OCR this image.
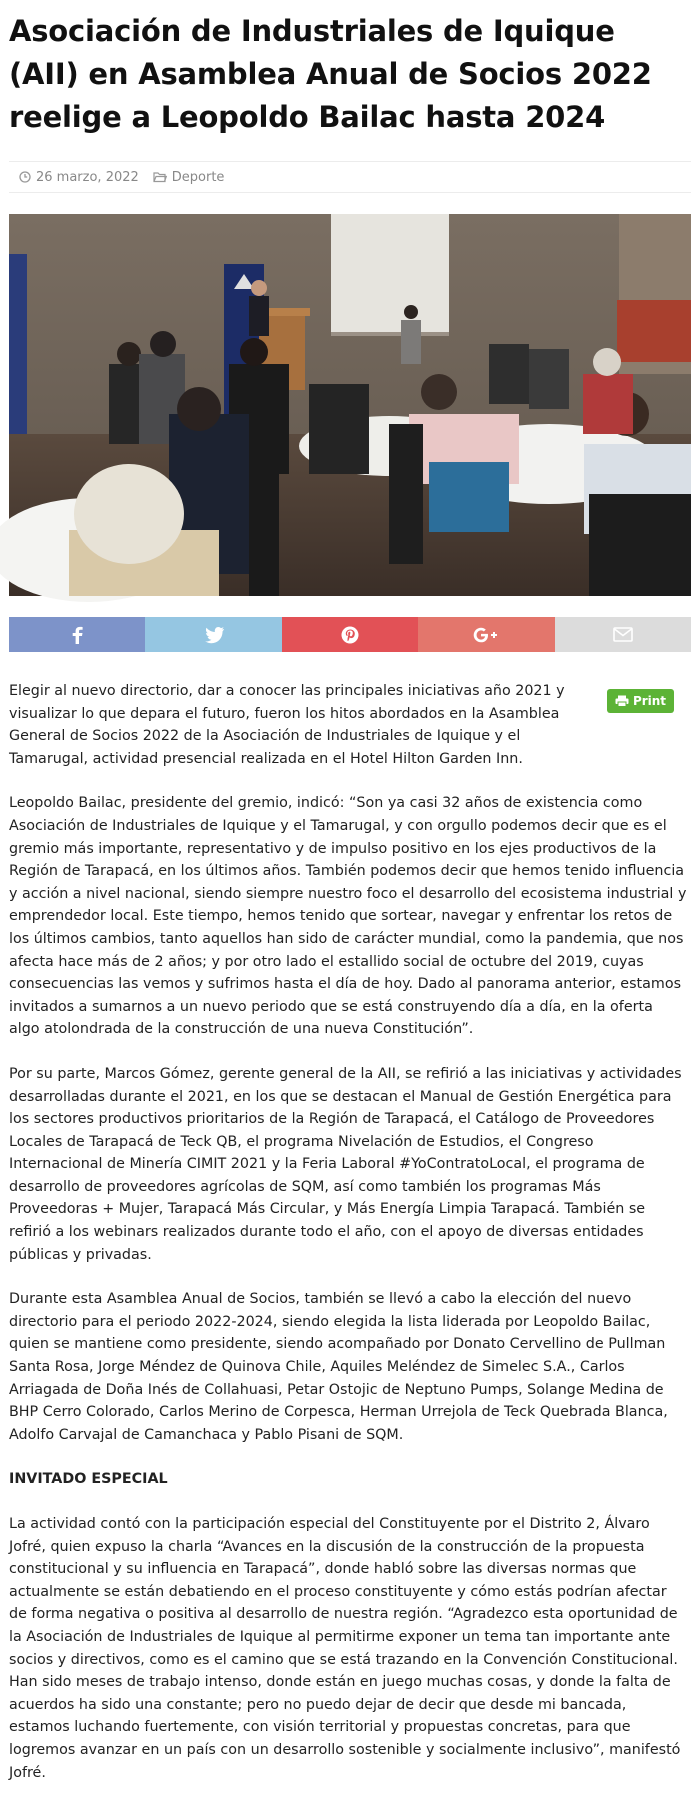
Asociación de Industriales de Iquique (AII) en Asamblea Anual de Socios 2022 reelige a Leopoldo Bailac hasta 2024
26 marzo, 2022	Deporte
Print

Elegir al nuevo directorio, dar a conocer las principales iniciativas año 2021 y visualizar lo que depara el futuro, fueron los hitos abordados en la Asamblea General de Socios 2022 de la Asociación de Industriales de Iquique y el Tamarugal, actividad presencial realizada en el Hotel Hilton Garden Inn.

Leopoldo Bailac, presidente del gremio, indicó: “Son ya casi 32 años de existencia como Asociación de Industriales de Iquique y el Tamarugal, y con orgullo podemos decir que es el gremio más importante, representativo y de impulso positivo en los ejes productivos de la Región de Tarapacá, en los últimos años. También podemos decir que hemos tenido influencia y acción a nivel nacional, siendo siempre nuestro foco el desarrollo del ecosistema industrial y emprendedor local. Este tiempo, hemos tenido que sortear, navegar y enfrentar los retos de los últimos cambios, tanto aquellos han sido de carácter mundial, como la pandemia, que nos afecta hace más de 2 años; y por otro lado el estallido social de octubre del 2019, cuyas consecuencias las vemos y sufrimos hasta el día de hoy. Dado al panorama anterior, estamos invitados a sumarnos a un nuevo periodo que se está construyendo día a día, en la oferta algo atolondrada de la construcción de una nueva Constitución”.

Por su parte, Marcos Gómez, gerente general de la AII, se refirió a las iniciativas y actividades desarrolladas durante el 2021, en los que se destacan el Manual de Gestión Energética para los sectores productivos prioritarios de la Región de Tarapacá, el Catálogo de Proveedores Locales de Tarapacá de Teck QB, el programa Nivelación de Estudios, el Congreso Internacional de Minería CIMIT 2021 y la Feria Laboral #YoContratoLocal, el programa de desarrollo de proveedores agrícolas de SQM, así como también los programas Más Proveedoras + Mujer, Tarapacá Más Circular, y Más Energía Limpia Tarapacá. También se refirió a los webinars realizados durante todo el año, con el apoyo de diversas entidades públicas y privadas.

Durante esta Asamblea Anual de Socios, también se llevó a cabo la elección del nuevo directorio para el periodo 2022-2024, siendo elegida la lista liderada por Leopoldo Bailac, quien se mantiene como presidente, siendo acompañado por Donato Cervellino de Pullman Santa Rosa, Jorge Méndez de Quinova Chile, Aquiles Meléndez de Simelec S.A., Carlos Arriagada de Doña Inés de Collahuasi, Petar Ostojic de Neptuno Pumps, Solange Medina de BHP Cerro Colorado, Carlos Merino de Corpesca, Herman Urrejola de Teck Quebrada Blanca, Adolfo Carvajal de Camanchaca y Pablo Pisani de SQM.

INVITADO ESPECIAL

La actividad contó con la participación especial del Constituyente por el Distrito 2, Álvaro Jofré, quien expuso la charla “Avances en la discusión de la construcción de la propuesta constitucional y su influencia en Tarapacá”, donde habló sobre las diversas normas que actualmente se están debatiendo en el proceso constituyente y cómo estás podrían afectar de forma negativa o positiva al desarrollo de nuestra región. “Agradezco esta oportunidad de la Asociación de Industriales de Iquique al permitirme exponer un tema tan importante ante socios y directivos, como es el camino que se está trazando en la Convención Constitucional. Han sido meses de trabajo intenso, donde están en juego muchas cosas, y donde la falta de acuerdos ha sido una constante; pero no puedo dejar de decir que desde mi bancada, estamos luchando fuertemente, con visión territorial y propuestas concretas, para que logremos avanzar en un país con un desarrollo sostenible y socialmente inclusivo”, manifestó Jofré.
